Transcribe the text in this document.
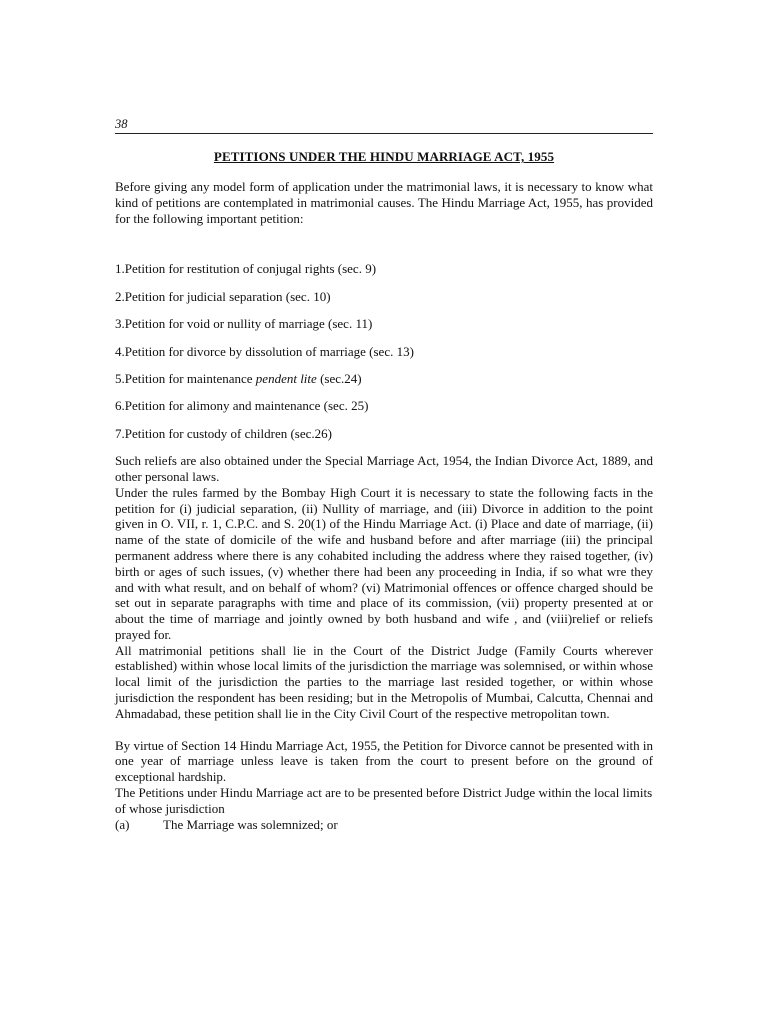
38
PETITIONS UNDER THE HINDU MARRIAGE ACT, 1955

Before giving any model form of application under the matrimonial laws, it is necessary to know what kind of petitions are contemplated in matrimonial causes. The Hindu Marriage Act, 1955, has provided for the following important petition:

1.Petition for restitution of conjugal rights (sec. 9)
2.Petition for judicial separation (sec. 10)
3.Petition for void or nullity of marriage (sec. 11)
4.Petition for divorce by dissolution of marriage (sec. 13)
5.Petition for maintenance pendent lite (sec.24)
6.Petition for alimony and maintenance (sec. 25)
7.Petition for custody of children (sec.26)

Such reliefs are also obtained under the Special Marriage Act, 1954, the Indian Divorce Act, 1889, and other personal laws.

Under the rules farmed by the Bombay High Court it is necessary to state the following facts in the petition for (i) judicial separation, (ii) Nullity of marriage, and (iii) Divorce in addition to the point given in O. VII, r. 1, C.P.C. and S. 20(1) of the Hindu Marriage Act. (i) Place and date of marriage, (ii) name of the state of domicile of the wife and husband before and after marriage (iii) the principal permanent address where there is any cohabited including the address where they raised together, (iv) birth or ages of such issues, (v) whether there had been any proceeding in India, if so what wre they and with what result, and on behalf of whom? (vi) Matrimonial offences or offence charged should be set out in separate paragraphs with time and place of its commission, (vii) property presented at or about the time of marriage and jointly owned by both husband and wife , and (viii)relief or reliefs prayed for.

All matrimonial petitions shall lie in the Court of the District Judge (Family Courts wherever established) within whose local limits of the jurisdiction the marriage was solemnised, or within whose local limit of the jurisdiction the parties to the marriage last resided together, or within whose jurisdiction the respondent has been residing; but in the Metropolis of Mumbai, Calcutta, Chennai and Ahmadabad, these petition shall lie in the City Civil Court of the respective metropolitan town.

By virtue of Section 14 Hindu Marriage Act, 1955, the Petition for Divorce cannot be presented with in one year of marriage unless leave is taken from the court to present before on the ground of exceptional hardship.

The Petitions under Hindu Marriage act are to be presented before District Judge within the local limits of whose jurisdiction

(a)	The Marriage was solemnized; or
